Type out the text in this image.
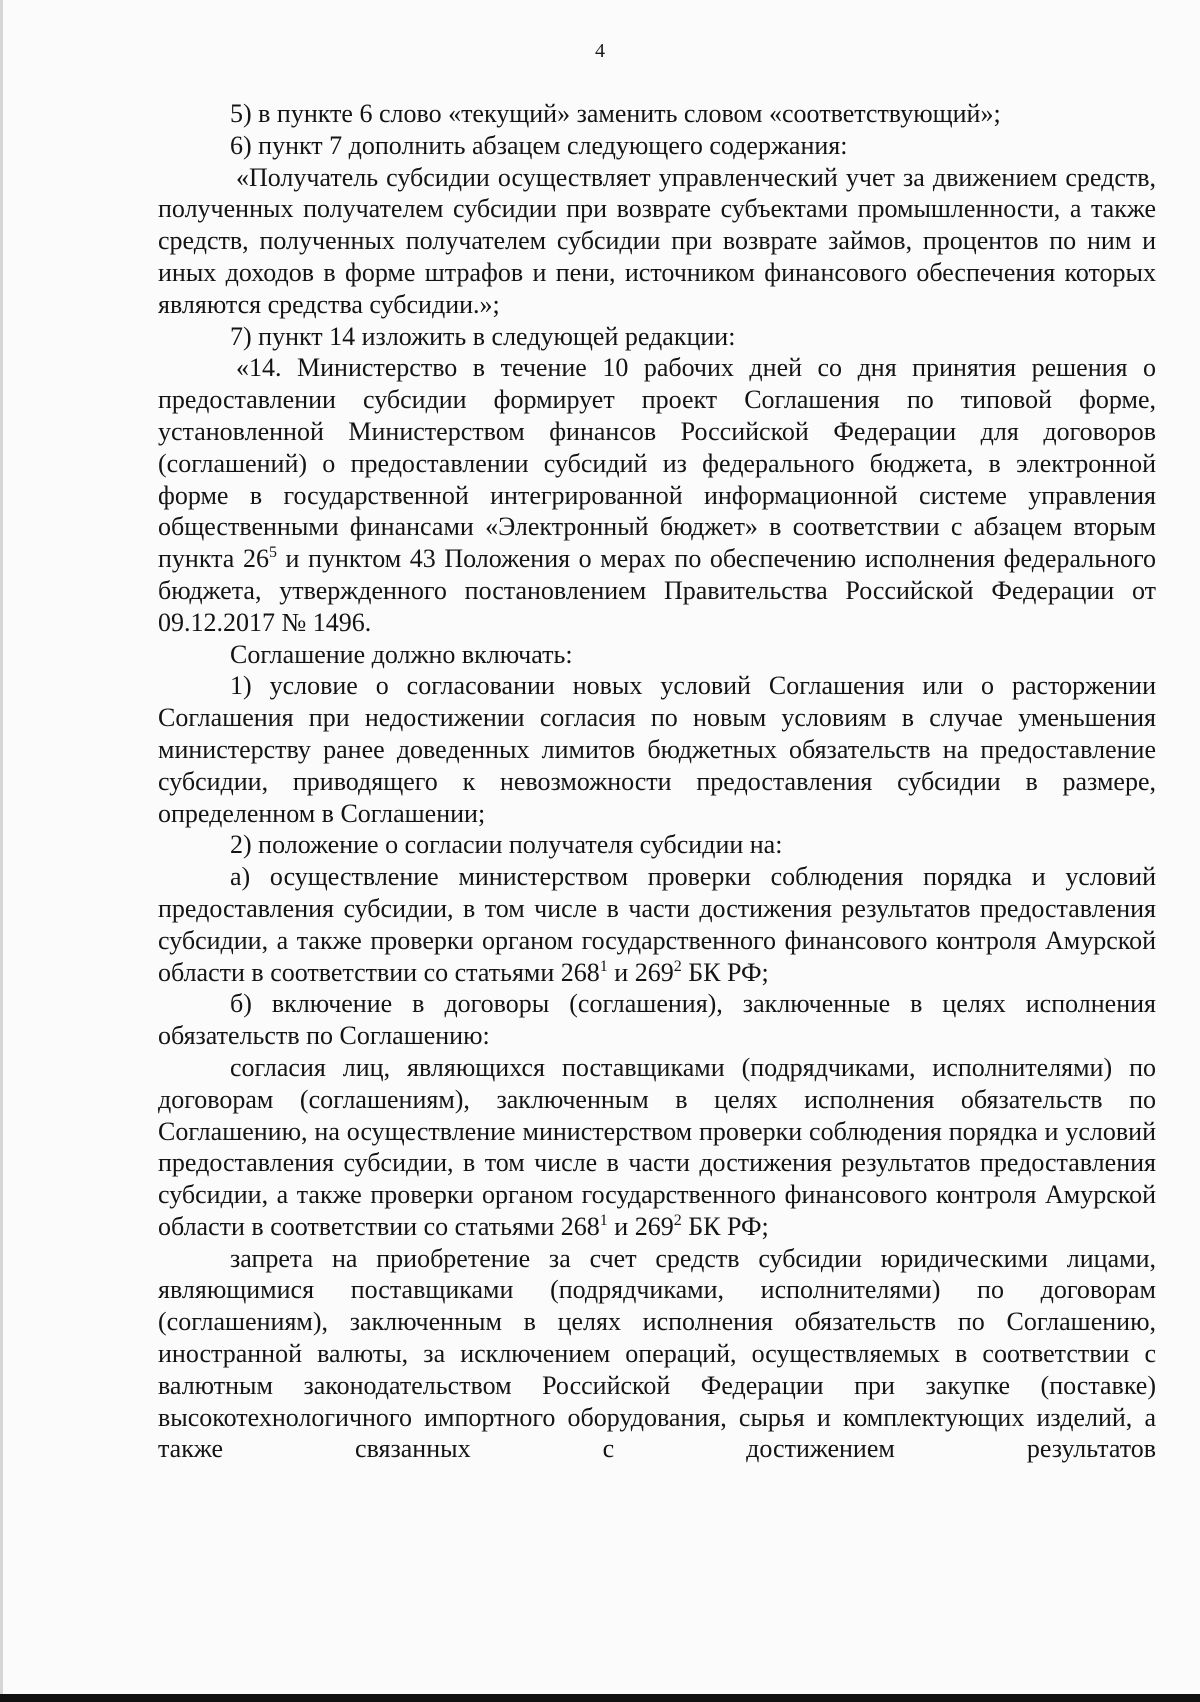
4

5) в пункте 6 слово «текущий» заменить словом «соответствующий»;

6) пункт 7 дополнить абзацем следующего содержания:

«Получатель субсидии осуществляет управленческий учет за движением средств, полученных получателем субсидии при возврате субъектами промышленности, а также средств, полученных получателем субсидии при возврате займов, процентов по ним и иных доходов в форме штрафов и пени, источником финансового обеспечения которых являются средства субсидии.»;

7) пункт 14 изложить в следующей редакции:

«14. Министерство в течение 10 рабочих дней со дня принятия решения о предоставлении субсидии формирует проект Соглашения по типовой форме, установленной Министерством финансов Российской Федерации для договоров (соглашений) о предоставлении субсидий из федерального бюджета, в электронной форме в государственной интегрированной информационной системе управления общественными финансами «Электронный бюджет» в соответствии с абзацем вторым пункта $26^5$ и пунктом 43 Положения о мерах по обеспечению исполнения федерального бюджета, утвержденного постановлением Правительства Российской Федерации от 09.12.2017 № 1496.

Соглашение должно включать:

1) условие о согласовании новых условий Соглашения или о расторжении Соглашения при недостижении согласия по новым условиям в случае уменьшения министерству ранее доведенных лимитов бюджетных обязательств на предоставление субсидии, приводящего к невозможности предоставления субсидии в размере, определенном в Соглашении;

2) положение о согласии получателя субсидии на:

а) осуществление министерством проверки соблюдения порядка и условий предоставления субсидии, в том числе в части достижения результатов предоставления субсидии, а также проверки органом государственного финансового контроля Амурской области в соответствии со статьями $268^1$ и $269^2$ БК РФ;

б) включение в договоры (соглашения), заключенные в целях исполнения обязательств по Соглашению:

согласия лиц, являющихся поставщиками (подрядчиками, исполнителями) по договорам (соглашениям), заключенным в целях исполнения обязательств по Соглашению, на осуществление министерством проверки соблюдения порядка и условий предоставления субсидии, в том числе в части достижения результатов предоставления субсидии, а также проверки органом государственного финансового контроля Амурской области в соответствии со статьями $268^1$ и $269^2$ БК РФ;

запрета на приобретение за счет средств субсидии юридическими лицами, являющимися поставщиками (подрядчиками, исполнителями) по договорам (соглашениям), заключенным в целях исполнения обязательств по Соглашению, иностранной валюты, за исключением операций, осуществляемых в соответствии с валютным законодательством Российской Федерации при закупке (поставке) высокотехнологичного импортного оборудования, сырья и комплектующих изделий, а также связанных с достижением результатов
